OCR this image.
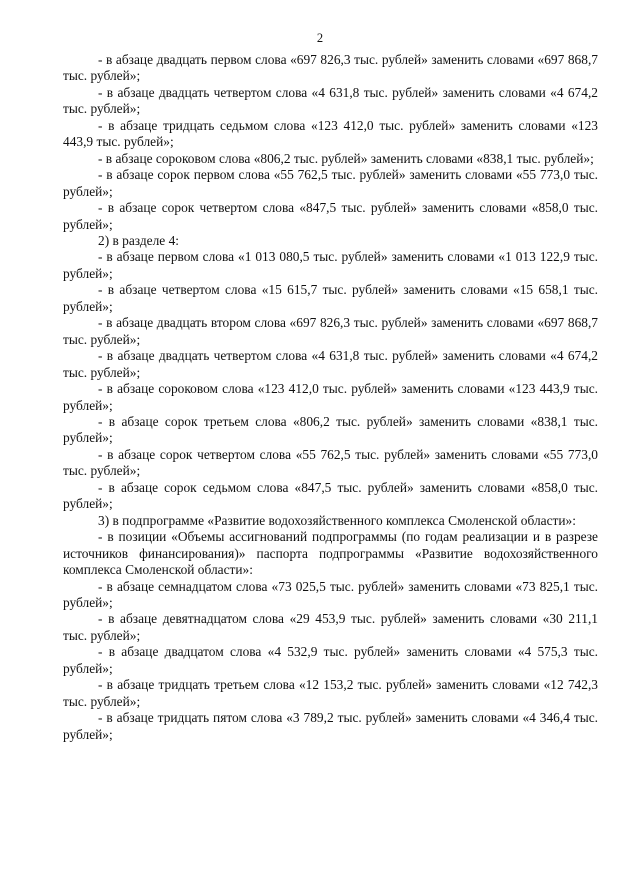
2

- в абзаце двадцать первом слова «697 826,3 тыс. рублей» заменить словами «697 868,7 тыс. рублей»;

- в абзаце двадцать четвертом слова «4 631,8 тыс. рублей» заменить словами «4 674,2 тыс. рублей»;

- в абзаце тридцать седьмом слова «123 412,0 тыс. рублей» заменить словами «123 443,9 тыс. рублей»;

- в абзаце сороковом слова «806,2 тыс. рублей» заменить словами «838,1 тыс. рублей»;

- в абзаце сорок первом слова «55 762,5 тыс. рублей» заменить словами «55 773,0 тыс. рублей»;

- в абзаце сорок четвертом слова «847,5 тыс. рублей» заменить словами «858,0 тыс. рублей»;

2) в разделе 4:

- в абзаце первом слова «1 013 080,5 тыс. рублей» заменить словами «1 013 122,9 тыс. рублей»;

- в абзаце четвертом слова «15 615,7 тыс. рублей» заменить словами «15 658,1 тыс. рублей»;

- в абзаце двадцать втором слова «697 826,3 тыс. рублей» заменить словами «697 868,7 тыс. рублей»;

- в абзаце двадцать четвертом слова «4 631,8 тыс. рублей» заменить словами «4 674,2 тыс. рублей»;

- в абзаце сороковом слова «123 412,0 тыс. рублей» заменить словами «123 443,9 тыс. рублей»;

- в абзаце сорок третьем слова «806,2 тыс. рублей» заменить словами «838,1 тыс. рублей»;

- в абзаце сорок четвертом слова «55 762,5 тыс. рублей» заменить словами «55 773,0 тыс. рублей»;

- в абзаце сорок седьмом слова «847,5 тыс. рублей» заменить словами «858,0 тыс. рублей»;

3) в подпрограмме «Развитие водохозяйственного комплекса Смоленской области»:

- в позиции «Объемы ассигнований подпрограммы (по годам реализации и в разрезе источников финансирования)» паспорта подпрограммы «Развитие водохозяйственного комплекса Смоленской области»:

- в абзаце семнадцатом слова «73 025,5 тыс. рублей» заменить словами «73 825,1 тыс. рублей»;

- в абзаце девятнадцатом слова «29 453,9 тыс. рублей» заменить словами «30 211,1 тыс. рублей»;

- в абзаце двадцатом слова «4 532,9 тыс. рублей» заменить словами «4 575,3 тыс. рублей»;

- в абзаце тридцать третьем слова «12 153,2 тыс. рублей» заменить словами «12 742,3 тыс. рублей»;

- в абзаце тридцать пятом слова «3 789,2 тыс. рублей» заменить словами «4 346,4 тыс. рублей»;
